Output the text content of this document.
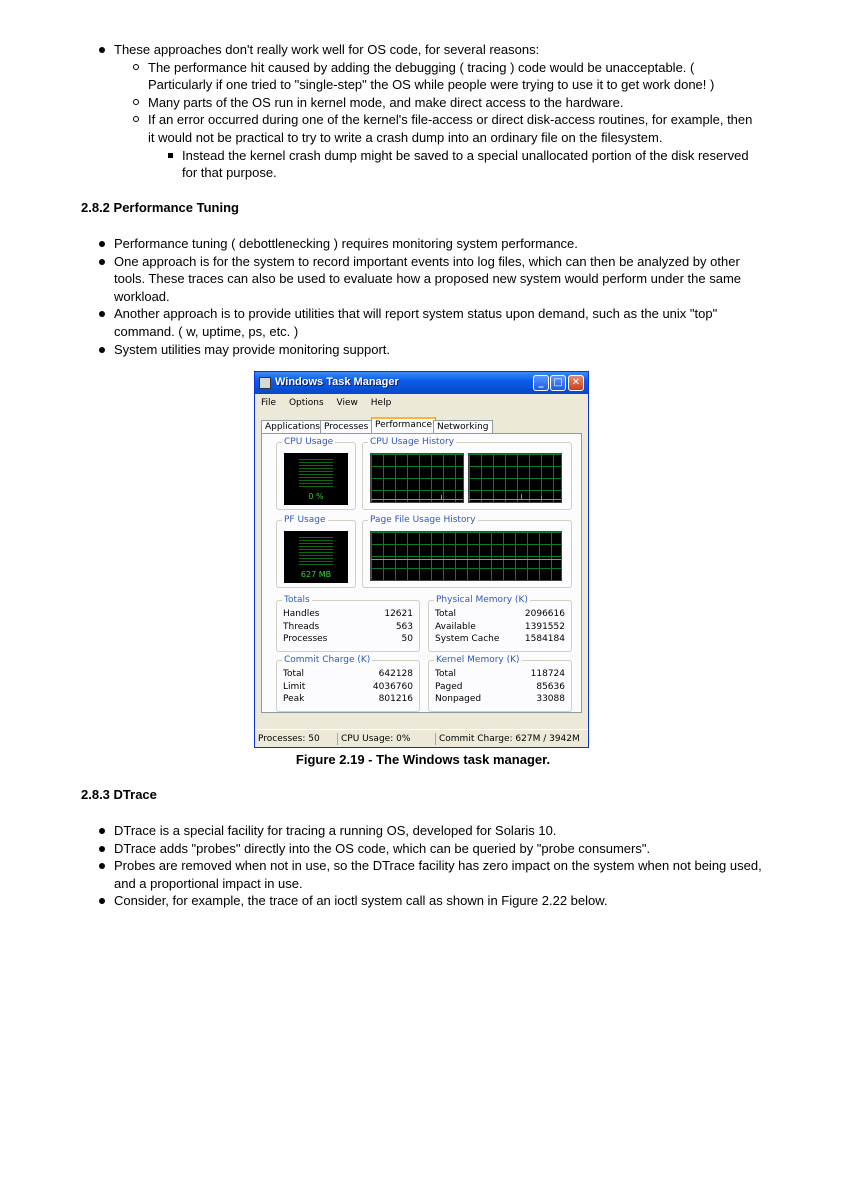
These approaches don't really work well for OS code, for several reasons:
The performance hit caused by adding the debugging ( tracing ) code would be unacceptable. ( Particularly if one tried to "single-step" the OS while people were trying to use it to get work done! )
Many parts of the OS run in kernel mode, and make direct access to the hardware.
If an error occurred during one of the kernel's file-access or direct disk-access routines, for example, then it would not be practical to try to write a crash dump into an ordinary file on the filesystem.
Instead the kernel crash dump might be saved to a special unallocated portion of the disk reserved for that purpose.
2.8.2 Performance Tuning
Performance tuning ( debottlenecking ) requires monitoring system performance.
One approach is for the system to record important events into log files, which can then be analyzed by other tools. These traces can also be used to evaluate how a proposed new system would perform under the same workload.
Another approach is to provide utilities that will report system status upon demand, such as the unix "top" command. ( w, uptime, ps, etc. )
System utilities may provide monitoring support.
Windows Task Manager	_ □ ✕
File Options View Help
Applications Processes Performance Networking
CPU Usage
0 %
CPU Usage History
PF Usage
627 MB
Page File Usage History
Totals
Handles	12621
Threads	563
Processes	50
Physical Memory (K)
Total	2096616
Available	1391552
System Cache	1584184
Commit Charge (K)
Total	642128
Limit	4036760
Peak	801216
Kernel Memory (K)
Total	118724
Paged	85636
Nonpaged	33088
Processes: 50	CPU Usage: 0%	Commit Charge: 627M / 3942M
Figure 2.19 - The Windows task manager.
2.8.3 DTrace
DTrace is a special facility for tracing a running OS, developed for Solaris 10.
DTrace adds "probes" directly into the OS code, which can be queried by "probe consumers".
Probes are removed when not in use, so the DTrace facility has zero impact on the system when not being used, and a proportional impact in use.
Consider, for example, the trace of an ioctl system call as shown in Figure 2.22 below.
